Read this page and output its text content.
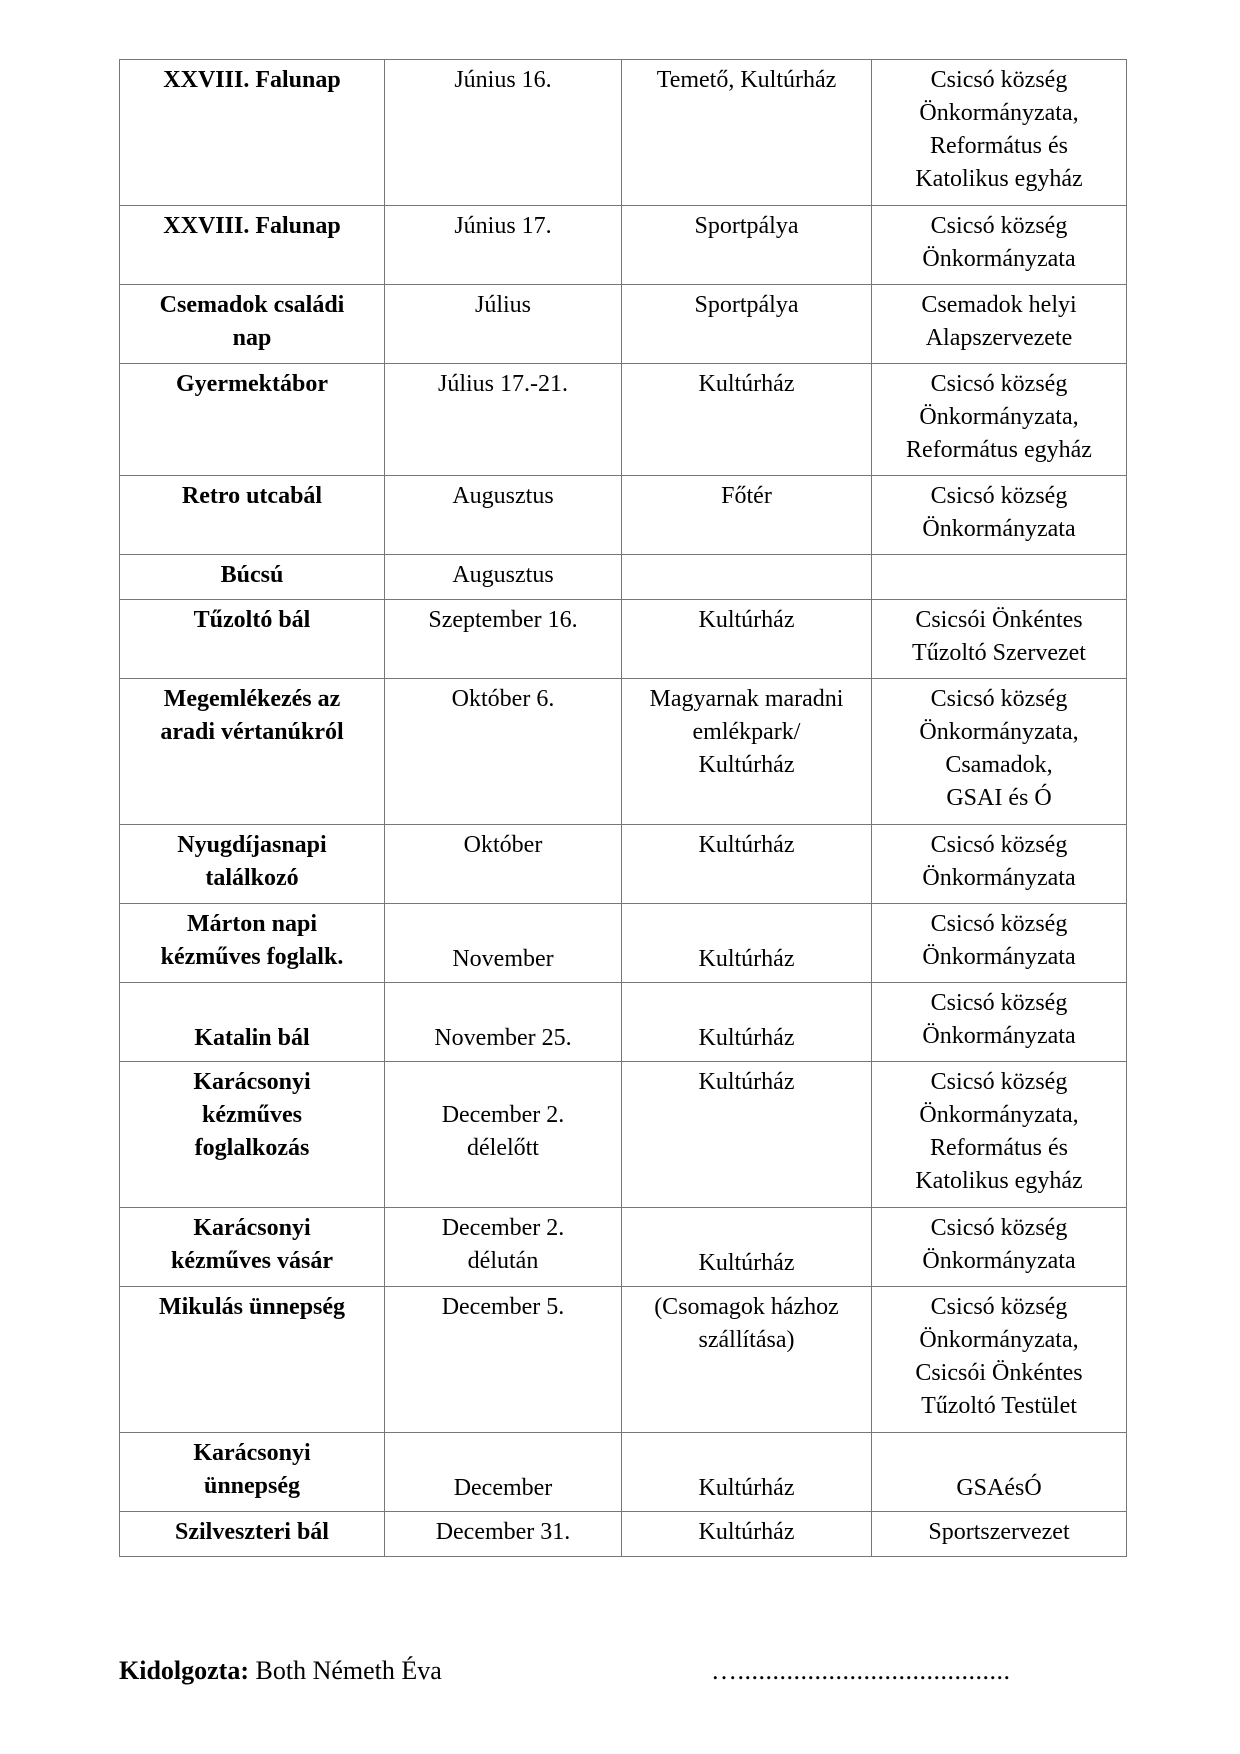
XXVIII. Falunap	Június 16.	Temető, Kultúrház	Csicsó község
Önkormányzata,
Református és
Katolikus egyház

XXVIII. Falunap	Június 17.	Sportpálya	Csicsó község
Önkormányzata

Csemadok családi
nap	Július	Sportpálya	Csemadok helyi
Alapszervezete

Gyermektábor	Július 17.-21.	Kultúrház	Csicsó község
Önkormányzata,
Református egyház

Retro utcabál	Augusztus	Főtér	Csicsó község
Önkormányzata

Búcsú	Augusztus		

Tűzoltó bál	Szeptember 16.	Kultúrház	Csicsói Önkéntes
Tűzoltó Szervezet

Megemlékezés az
aradi vértanúkról	Október 6.	Magyarnak maradni
emlékpark/
Kultúrház	Csicsó község
Önkormányzata,
Csamadok,
GSAI és Ó

Nyugdíjasnapi
találkozó	Október	Kultúrház	Csicsó község
Önkormányzata

Márton napi
kézműves foglalk.	November	Kultúrház	Csicsó község
Önkormányzata

Katalin bál	November 25.	Kultúrház	Csicsó község
Önkormányzata

Karácsonyi
kézműves
foglalkozás	December 2.
délelőtt	Kultúrház	Csicsó község
Önkormányzata,
Református és
Katolikus egyház

Karácsonyi
kézműves vásár	December 2.
délután	Kultúrház	Csicsó község
Önkormányzata

Mikulás ünnepség	December 5.	(Csomagok házhoz
szállítása)	Csicsó község
Önkormányzata,
Csicsói Önkéntes
Tűzoltó Testület

Karácsonyi
ünnepség	December	Kultúrház	GSAésÓ

Szilveszteri bál	December 31.	Kultúrház	Sportszervezet
Kidolgozta: Both Németh Éva	….......................................
